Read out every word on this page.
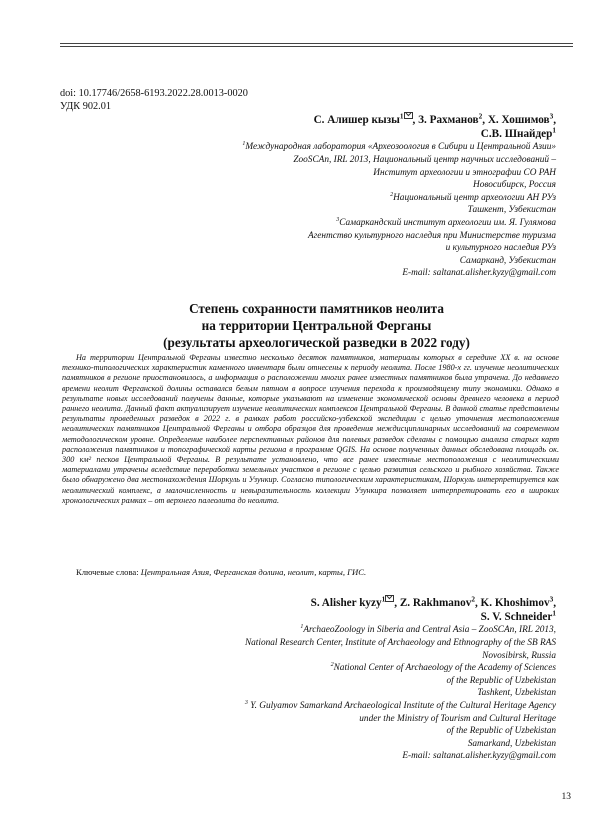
doi: 10.17746/2658-6193.2022.28.0013-0020
УДК 902.01
С. Алишер кызы$^1$ , З. Рахманов$^2$, Х. Хошимов$^3$,
С.В. Шнайдер$^1$
$^1$Международная лаборатория «Археозоология в Сибири и Центральной Азии»
ZooSCAn, IRL 2013, Национальный центр научных исследований –
Институт археологии и этнографии СО РАН
Новосибирск, Россия
$^2$Национальный центр археологии АН РУз
Ташкент, Узбекистан
$^3$Самаркандский институт археологии им. Я. Гулямова
Агентство культурного наследия при Министерстве туризма
и культурного наследия РУз
Самарканд, Узбекистан
E-mail: saltanat.alisher.kyzy@gmail.com
Степень сохранности памятников неолита
на территории Центральной Ферганы
(результаты археологической разведки в 2022 году)
На территории Центральной Ферганы известно несколько десяток памятников, материалы которых в середине XX в. на основе технико-типологических характеристик каменного инвентаря были отнесены к периоду неолита. После 1980-х гг. изучение неолитических памятников в регионе приостановилось, а информация о расположении многих ранее известных памятников была утрачена. До недавнего времени неолит Ферганской долины оставался белым пятном в вопросе изучения перехода к производящему типу экономики. Однако в результате новых исследований получены данные, которые указывают на изменение экономической основы древнего человека в период раннего неолита. Данный факт актуализирует изучение неолитических комплексов Центральной Ферганы. В данной статье представлены результаты проведенных разведок в 2022 г. в рамках работ российско-узбекской экспедиции с целью уточнения местоположения неолитических памятников Центральной Ферганы и отбора образцов для проведения междисциплинарных исследований на современном методологическом уровне. Определение наиболее перспективных районов для полевых разведок сделаны с помощью анализа старых карт расположения памятников и топографической карты региона в программе QGIS. На основе полученных данных обследована площадь ок. 300 км² песков Центральной Ферганы. В результате установлено, что все ранее известные местоположения с неолитическими материалами утрачены вследствие переработки земельных участков в регионе с целью развития сельского и рыбного хозяйства. Также было обнаружено два местонахождения Шоркуль и Узункир. Согласно типологическим характеристикам, Шоркуль интерпретируется как неолитический комплекс, а малочисленность и невыразительность коллекции Узункира позволяет интерпретировать его в широких хронологических рамках – от верхнего палеолита до неолита.
Ключевые слова: Центральная Азия, Ферганская долина, неолит, карты, ГИС.
S. Alisher kyzy$^1$ , Z. Rakhmanov$^2$, K. Khoshimov$^3$,
S. V. Schneider$^1$
$^1$ArchaeoZoology in Siberia and Central Asia – ZooSCAn, IRL 2013,
National Research Center, Institute of Archaeology and Ethnography of the SB RAS
Novosibirsk, Russia
$^2$National Center of Archaeology of the Academy of Sciences
of the Republic of Uzbekistan
Tashkent, Uzbekistan
$^3$ Y. Gulyamov Samarkand Archaeological Institute of the Cultural Heritage Agency
under the Ministry of Tourism and Cultural Heritage
of the Republic of Uzbekistan
Samarkand, Uzbekistan
E-mail: saltanat.alisher.kyzy@gmail.com
13
